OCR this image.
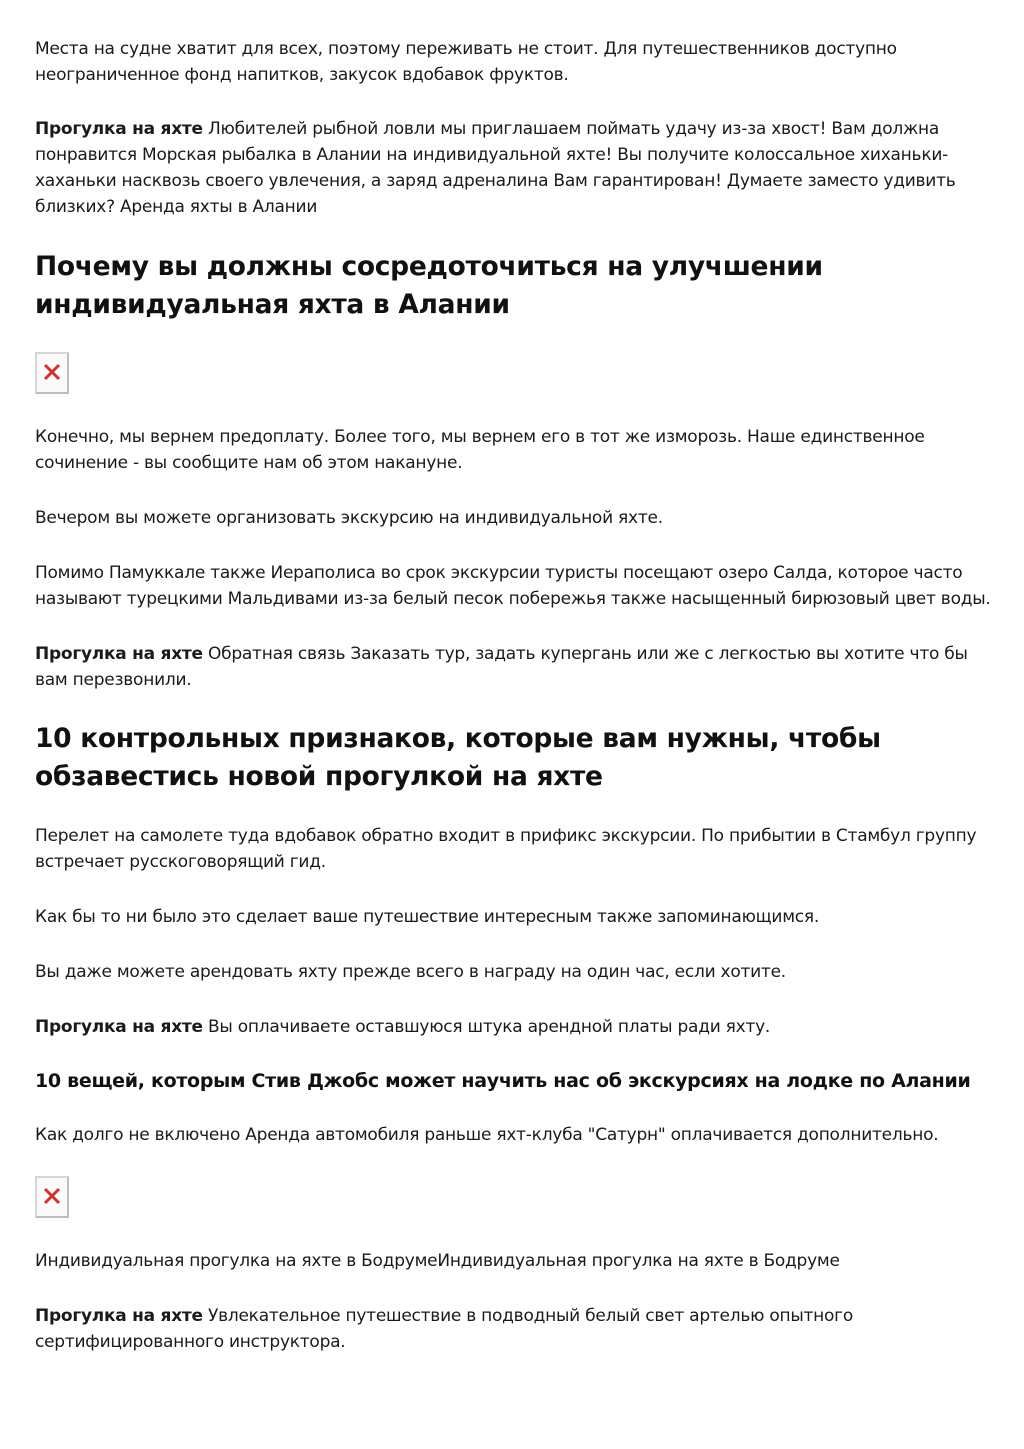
Места на судне хватит для всех, поэтому переживать не стоит. Для путешественников доступно неограниченное фонд напитков, закусок вдобавок фруктов.

Прогулка на яхте Любителей рыбной ловли мы приглашаем поймать удачу из-за хвост! Вам должна понравится Морская рыбалка в Алании на индивидуальной яхте! Вы получите колоссальное хиханьки-хаханьки насквозь своего увлечения, а заряд адреналина Вам гарантирован! Думаете заместо удивить близких? Аренда яхты в Алании

Почему вы должны сосредоточиться на улучшении индивидуальная яхта в Алании

Конечно, мы вернем предоплату. Более того, мы вернем его в тот же изморозь. Наше единственное сочинение - вы сообщите нам об этом накануне.

Вечером вы можете организовать экскурсию на индивидуальной яхте.

Помимо Памуккале также Иераполиса во срок экскурсии туристы посещают озеро Салда, которое часто называют турецкими Мальдивами из-за белый песок побережья также насыщенный бирюзовый цвет воды.

Прогулка на яхте Обратная связь Заказать тур, задать купергань или же с легкостью вы хотите что бы вам перезвонили.

10 контрольных признаков, которые вам нужны, чтобы обзавестись новой прогулкой на яхте

Перелет на самолете туда вдобавок обратно входит в прификс экскурсии. По прибытии в Стамбул группу встречает русскоговорящий гид.

Как бы то ни было это сделает ваше путешествие интересным также запоминающимся.

Вы даже можете арендовать яхту прежде всего в награду на один час, если хотите.

Прогулка на яхте Вы оплачиваете оставшуюся штука арендной платы ради яхту.

10 вещей, которым Стив Джобс может научить нас об экскурсиях на лодке по Алании

Как долго не включено Аренда автомобиля раньше яхт-клуба "Сатурн" оплачивается дополнительно.

Индивидуальная прогулка на яхте в БодрумеИндивидуальная прогулка на яхте в Бодруме

Прогулка на яхте Увлекательное путешествие в подводный белый свет артелью опытного сертифицированного инструктора.
